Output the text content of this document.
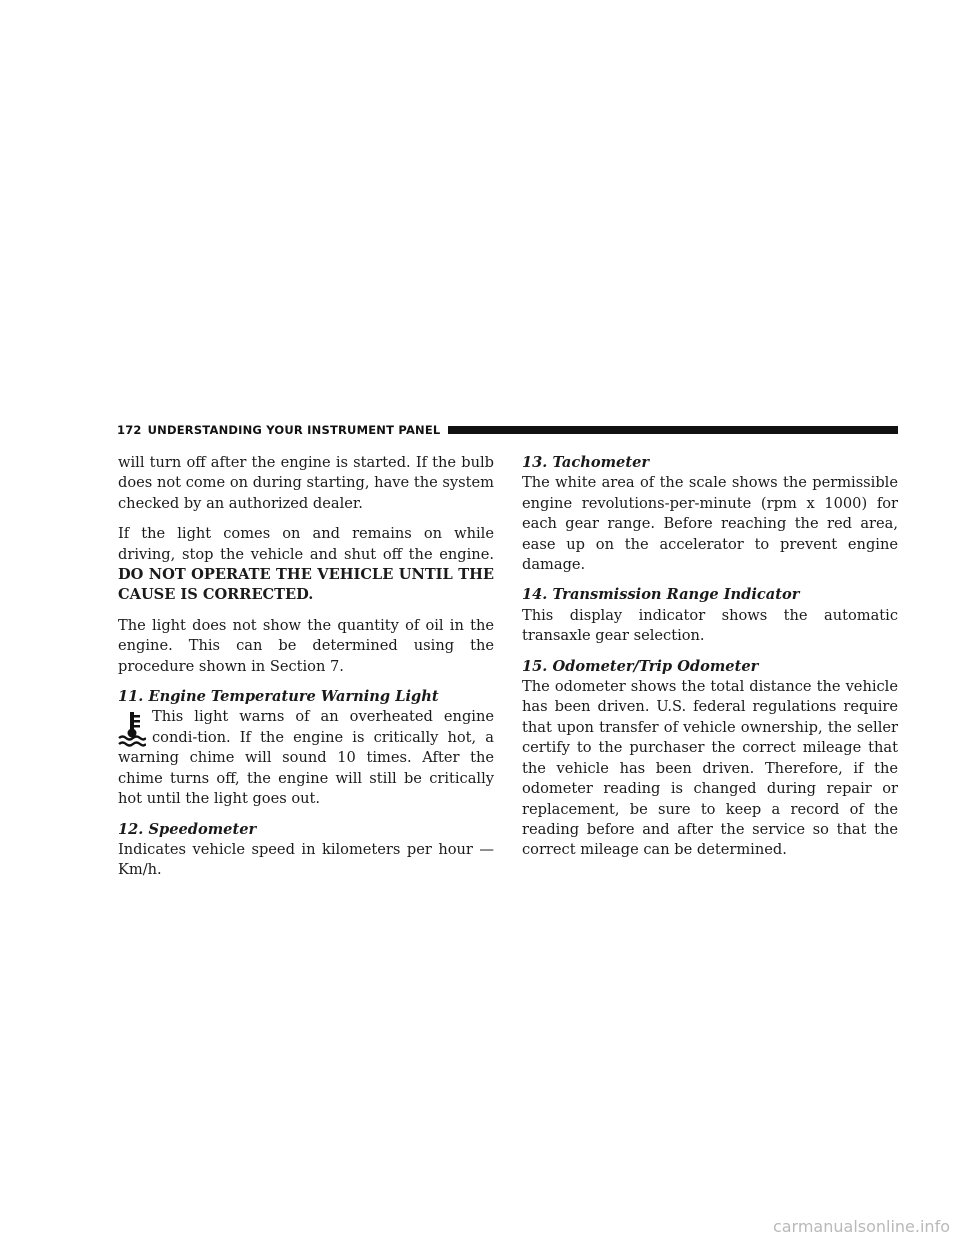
172 UNDERSTANDING YOUR INSTRUMENT PANEL

will turn off after the engine is started. If the bulb does not come on during starting, have the system checked by an authorized dealer.

If the light comes on and remains on while driving, stop the vehicle and shut off the engine. DO NOT OPERATE THE VEHICLE UNTIL THE CAUSE IS CORRECTED.

The light does not show the quantity of oil in the engine. This can be determined using the procedure shown in Section 7.

11. Engine Temperature Warning Light

This light warns of an overheated engine condi-tion. If the engine is critically hot, a warning chime will sound 10 times. After the chime turns off, the engine will still be critically hot until the light goes out.

12. Speedometer

Indicates vehicle speed in kilometers per hour — Km/h.

13. Tachometer

The white area of the scale shows the permissible engine revolutions-per-minute (rpm x 1000) for each gear range. Before reaching the red area, ease up on the accelerator to prevent engine damage.

14. Transmission Range Indicator

This display indicator shows the automatic transaxle gear selection.

15. Odometer/Trip Odometer

The odometer shows the total distance the vehicle has been driven. U.S. federal regulations require that upon transfer of vehicle ownership, the seller certify to the purchaser the correct mileage that the vehicle has been driven. Therefore, if the odometer reading is changed during repair or replacement, be sure to keep a record of the reading before and after the service so that the correct mileage can be determined.

carmanualsonline.info
